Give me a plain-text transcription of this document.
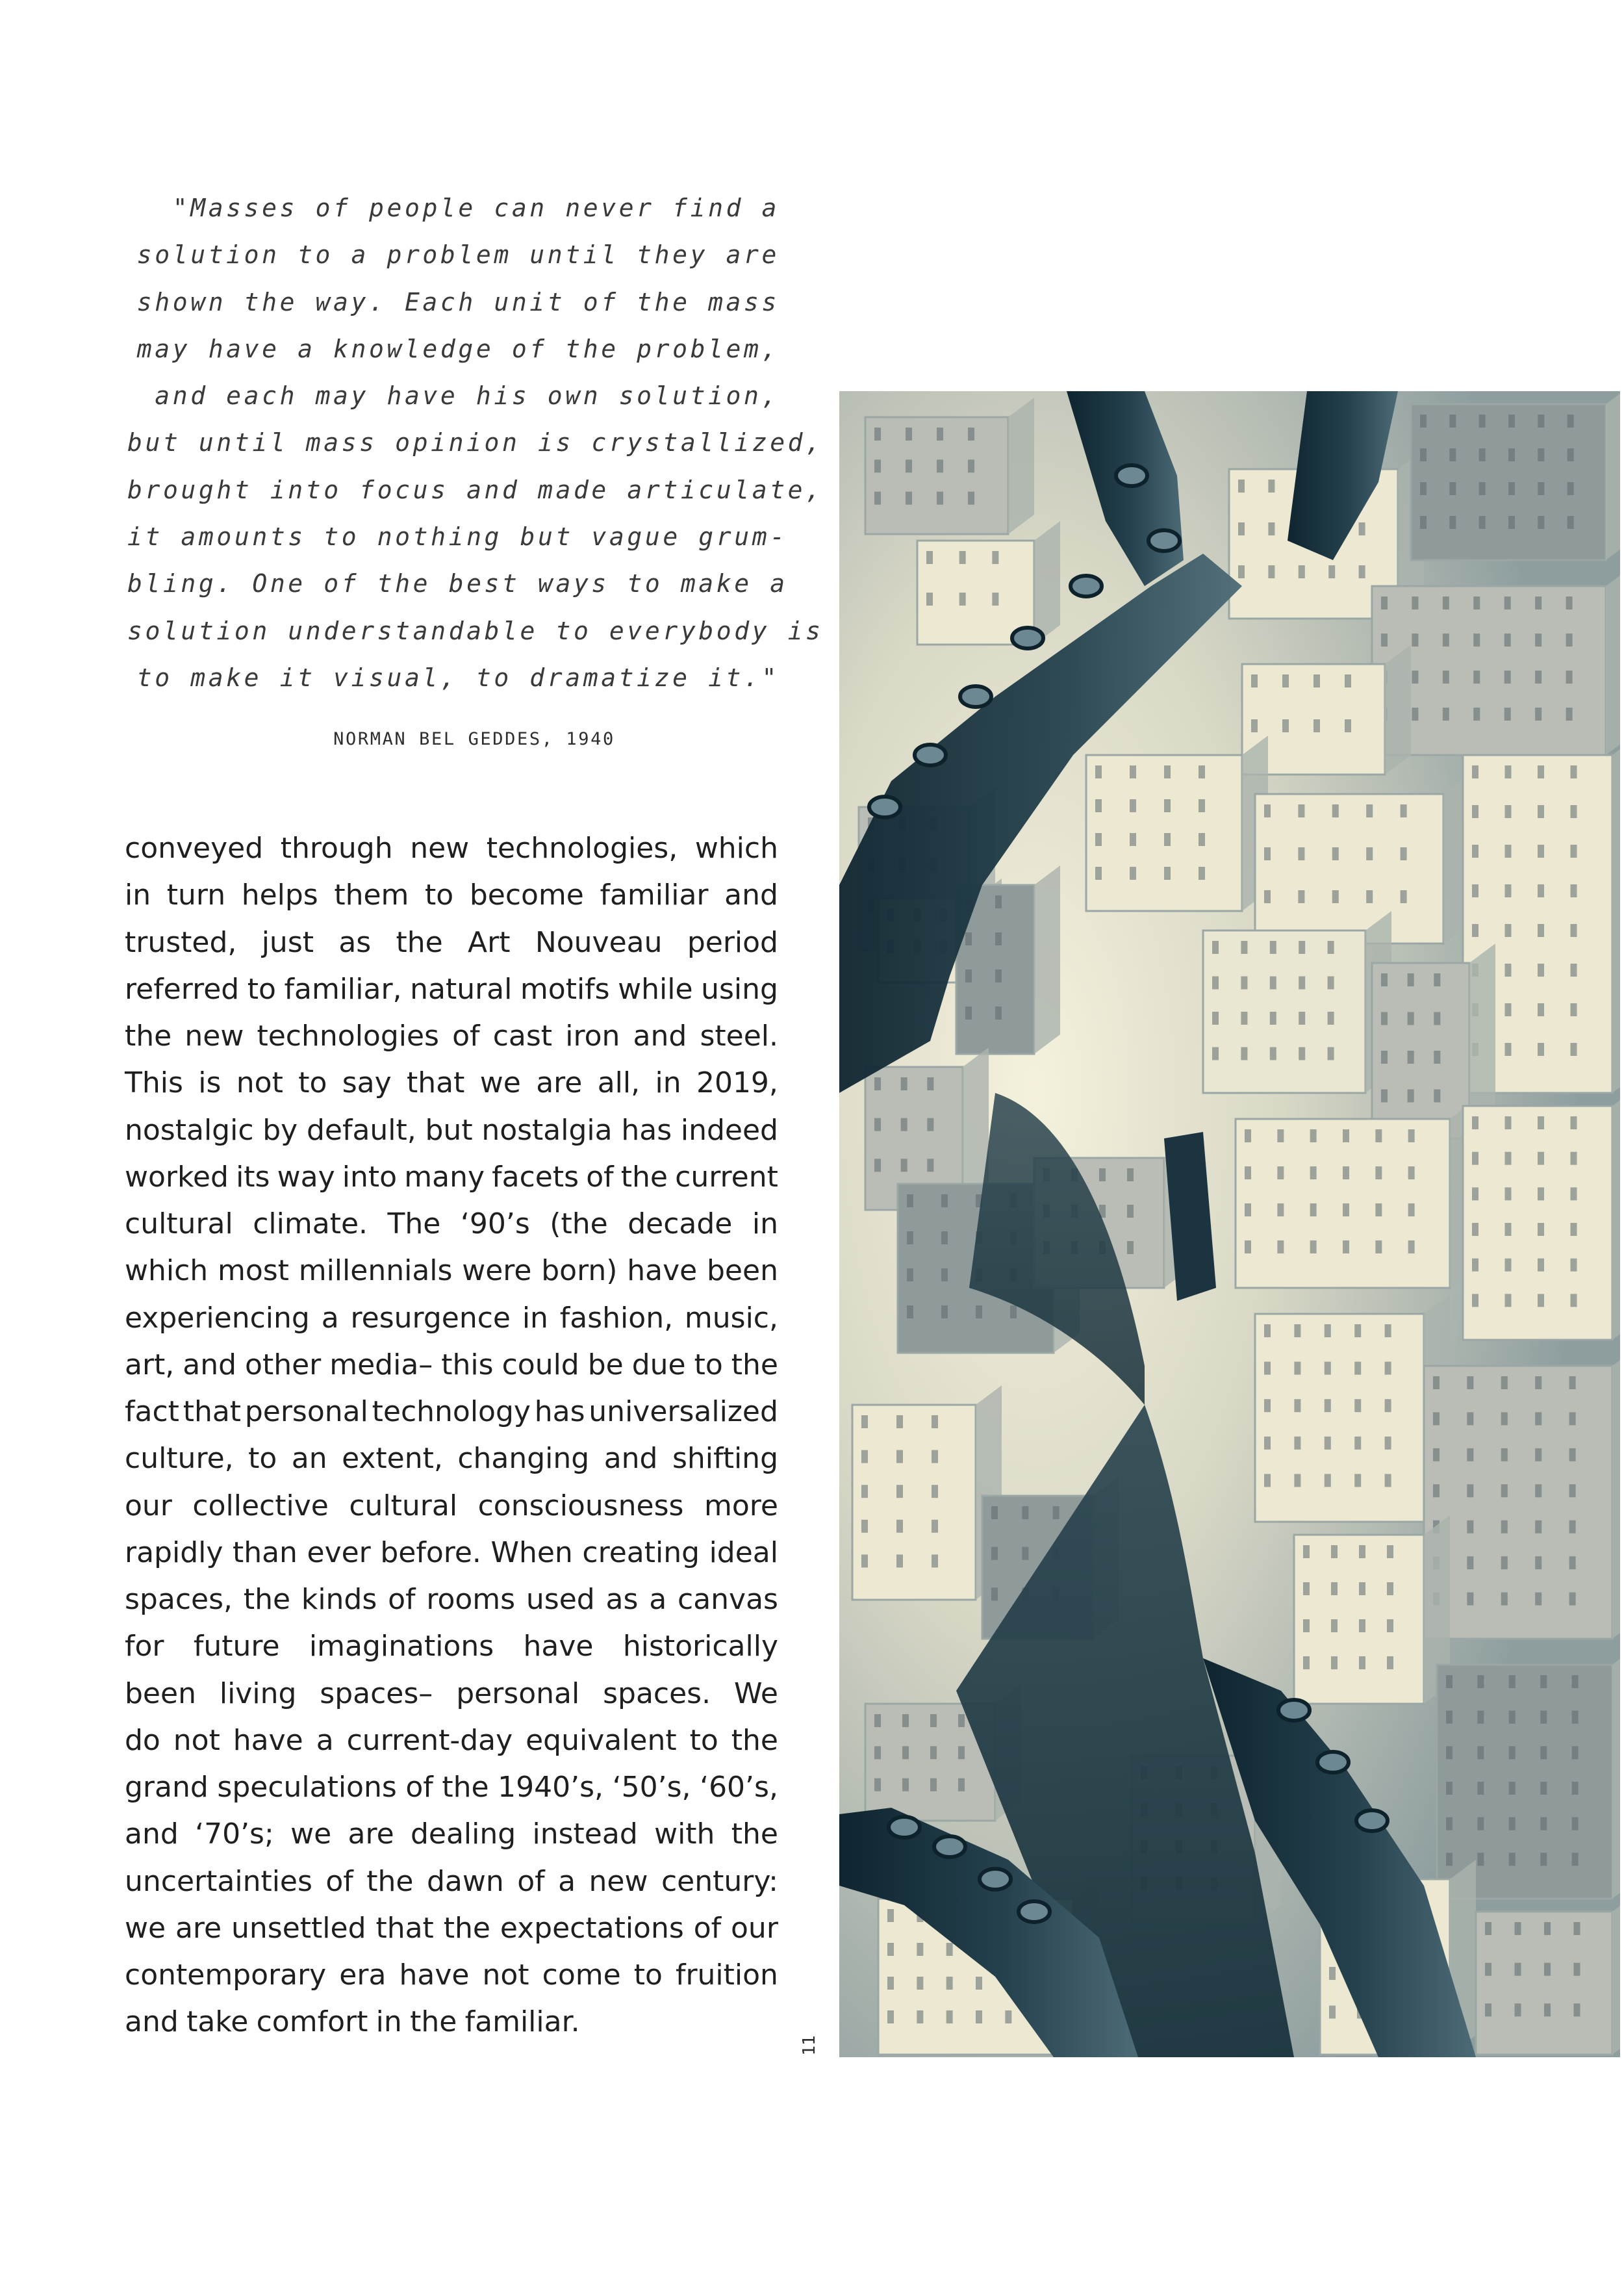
"Masses of people can never find a
solution to a problem until they are
shown the way. Each unit of the mass
may have a knowledge of the problem,
and each may have his own solution,
but until mass opinion is crystallized,
brought into focus and made articulate,
it amounts to nothing but vague grum-
bling. One of the best ways to make a
solution understandable to everybody is
to make it visual, to dramatize it."
NORMAN BEL GEDDES, 1940
conveyed through new technologies, which
in turn helps them to become familiar and
trusted, just as the Art Nouveau period
referred to familiar, natural motifs while using
the new technologies of cast iron and steel.
This is not to say that we are all, in 2019,
nostalgic by default, but nostalgia has indeed
worked its way into many facets of the current
cultural climate. The ‘90’s (the decade in
which most millennials were born) have been
experiencing a resurgence in fashion, music,
art, and other media– this could be due to the
fact that personal technology has universalized
culture, to an extent, changing and shifting
our collective cultural consciousness more
rapidly than ever before. When creating ideal
spaces, the kinds of rooms used as a canvas
for future imaginations have historically
been living spaces– personal spaces. We
do not have a current-day equivalent to the
grand speculations of the 1940’s, ‘50’s, ‘60’s,
and ‘70’s; we are dealing instead with the
uncertainties of the dawn of a new century:
we are unsettled that the expectations of our
contemporary era have not come to fruition
and take comfort in the familiar.
11
